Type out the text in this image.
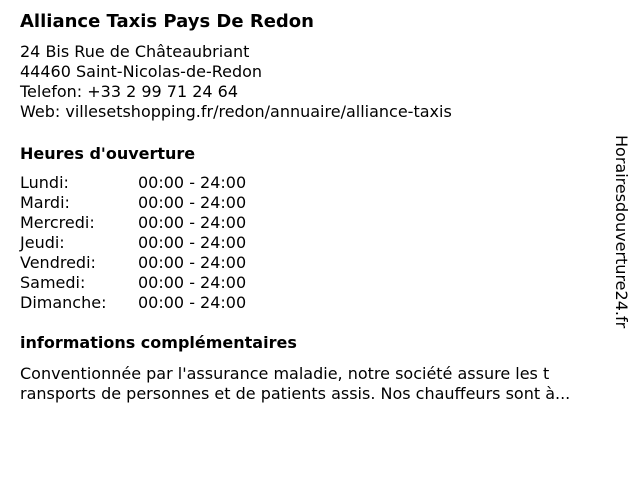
Alliance Taxis Pays De Redon
24 Bis Rue de Châteaubriant
44460 Saint-Nicolas-de-Redon
Telefon: +33 2 99 71 24 64
Web: villesetshopping.fr/redon/annuaire/alliance-taxis
Heures d'ouverture
Lundi:	00:00 - 24:00
Mardi:	00:00 - 24:00
Mercredi:	00:00 - 24:00
Jeudi:	00:00 - 24:00
Vendredi:	00:00 - 24:00
Samedi:	00:00 - 24:00
Dimanche:	00:00 - 24:00
informations complémentaires

Conventionnée par l'assurance maladie, notre société assure les t
ransports de personnes et de patients assis. Nos chauffeurs sont à...

Horairesdouverture24.fr
